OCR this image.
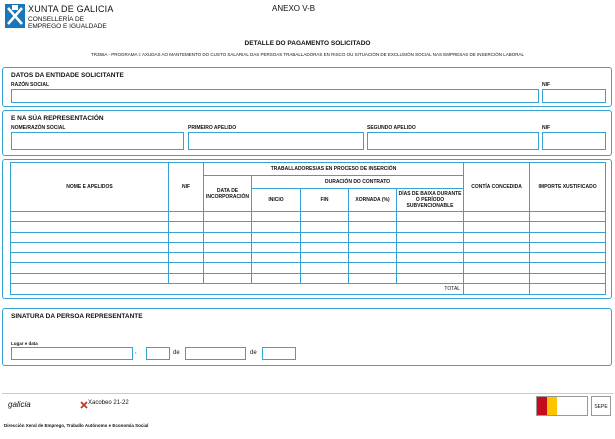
XUNTA DE GALICIA
CONSELLERÍA DE
EMPREGO E IGUALDADE
ANEXO V-B
DETALLE DO PAGAMENTO SOLICITADO
TR356A - PROGRAMA I: AXUDAS AO MANTEMENTO DO CUSTO SALARIAL DAS PERSOAS TRABALLADORAS EN RISCO OU SITUACIÓN DE EXCLUSIÓN SOCIAL NAS EMPRESAS DE INSERCIÓN LABORAL
DATOS DA ENTIDADE SOLICITANTE
RAZÓN SOCIAL	NIF
E NA SÚA REPRESENTACIÓN
NOME/RAZÓN SOCIAL	PRIMEIRO APELIDO	SEGUNDO APELIDO	NIF
NOME E APELIDOS	NIF	TRABALLADORES/AS EN PROCESO DE INSERCIÓN					CONTÍA CONCEDIDA	IMPORTE XUSTIFICADO
		DATA DE INCORPORACIÓN	DURACIÓN DO CONTRATO					
			INICIO	FIN	XORNADA (%)	DÍAS DE BAIXA DURANTE O PERÍODO SUBVENCIONABLE		

TOTAL								
SINATURA DA PERSOA REPRESENTANTE
Lugar e data
,	de	de
galicia	Xacobeo 21-22
SEPE
Dirección Xeral de Emprego, Traballo Autónomo e Economía Social
